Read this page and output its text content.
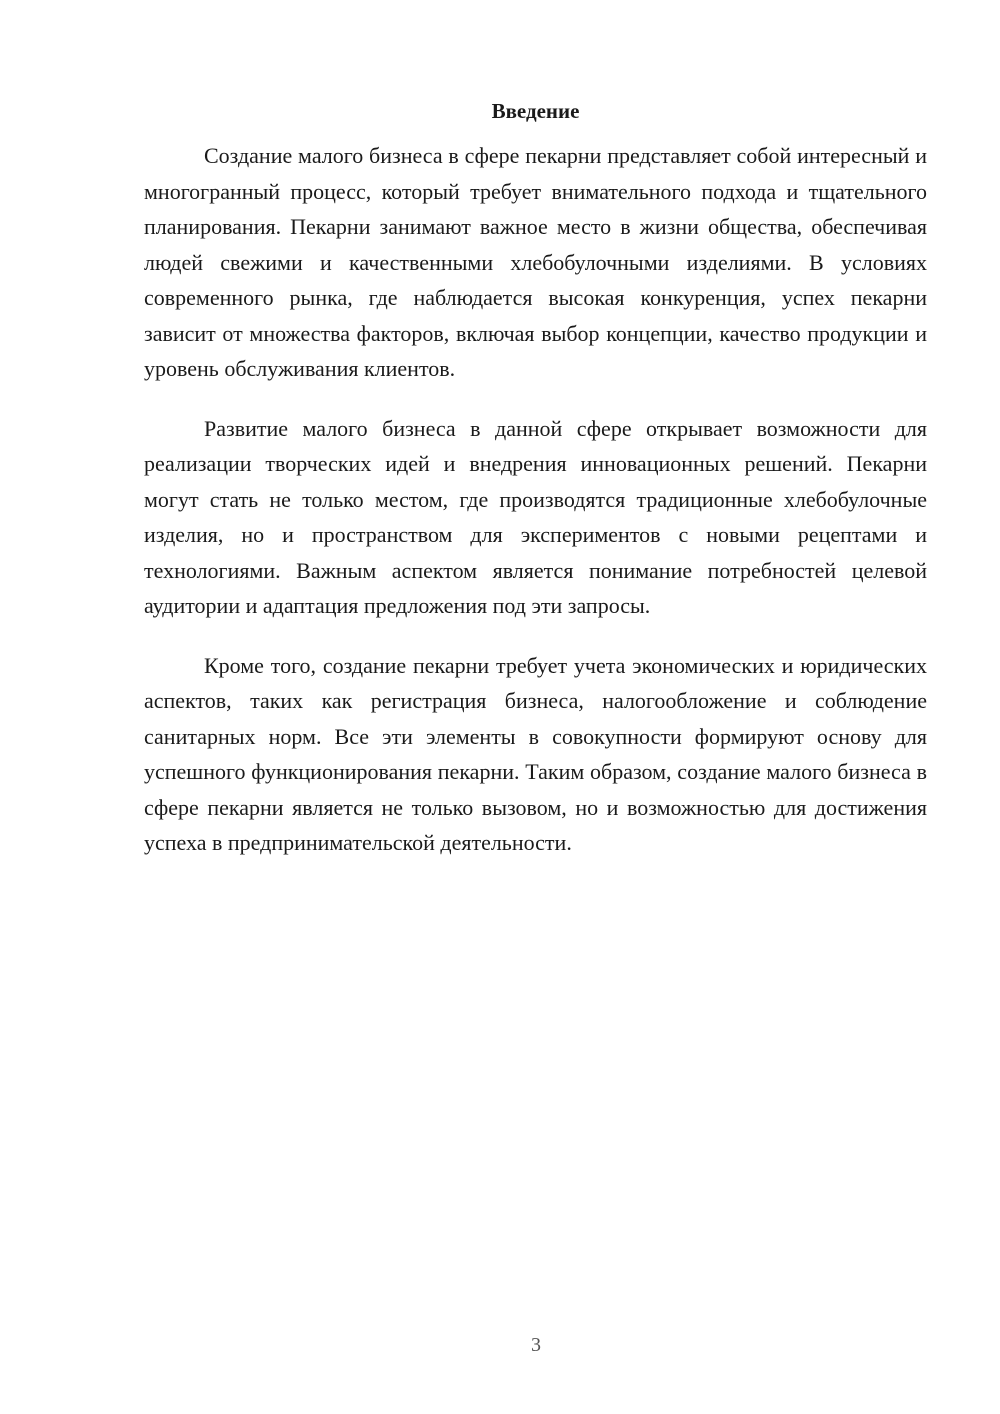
Введение

Создание малого бизнеса в сфере пекарни представляет собой интересный и многогранный процесс, который требует внимательного подхода и тщательного планирования. Пекарни занимают важное место в жизни общества, обеспечивая людей свежими и качественными хлебобулочными изделиями. В условиях современного рынка, где наблюдается высокая конкуренция, успех пекарни зависит от множества факторов, включая выбор концепции, качество продукции и уровень обслуживания клиентов.

Развитие малого бизнеса в данной сфере открывает возможности для реализации творческих идей и внедрения инновационных решений. Пекарни могут стать не только местом, где производятся традиционные хлебобулочные изделия, но и пространством для экспериментов с новыми рецептами и технологиями. Важным аспектом является понимание потребностей целевой аудитории и адаптация предложения под эти запросы.

Кроме того, создание пекарни требует учета экономических и юридических аспектов, таких как регистрация бизнеса, налогообложение и соблюдение санитарных норм. Все эти элементы в совокупности формируют основу для успешного функционирования пекарни. Таким образом, создание малого бизнеса в сфере пекарни является не только вызовом, но и возможностью для достижения успеха в предпринимательской деятельности.

3
